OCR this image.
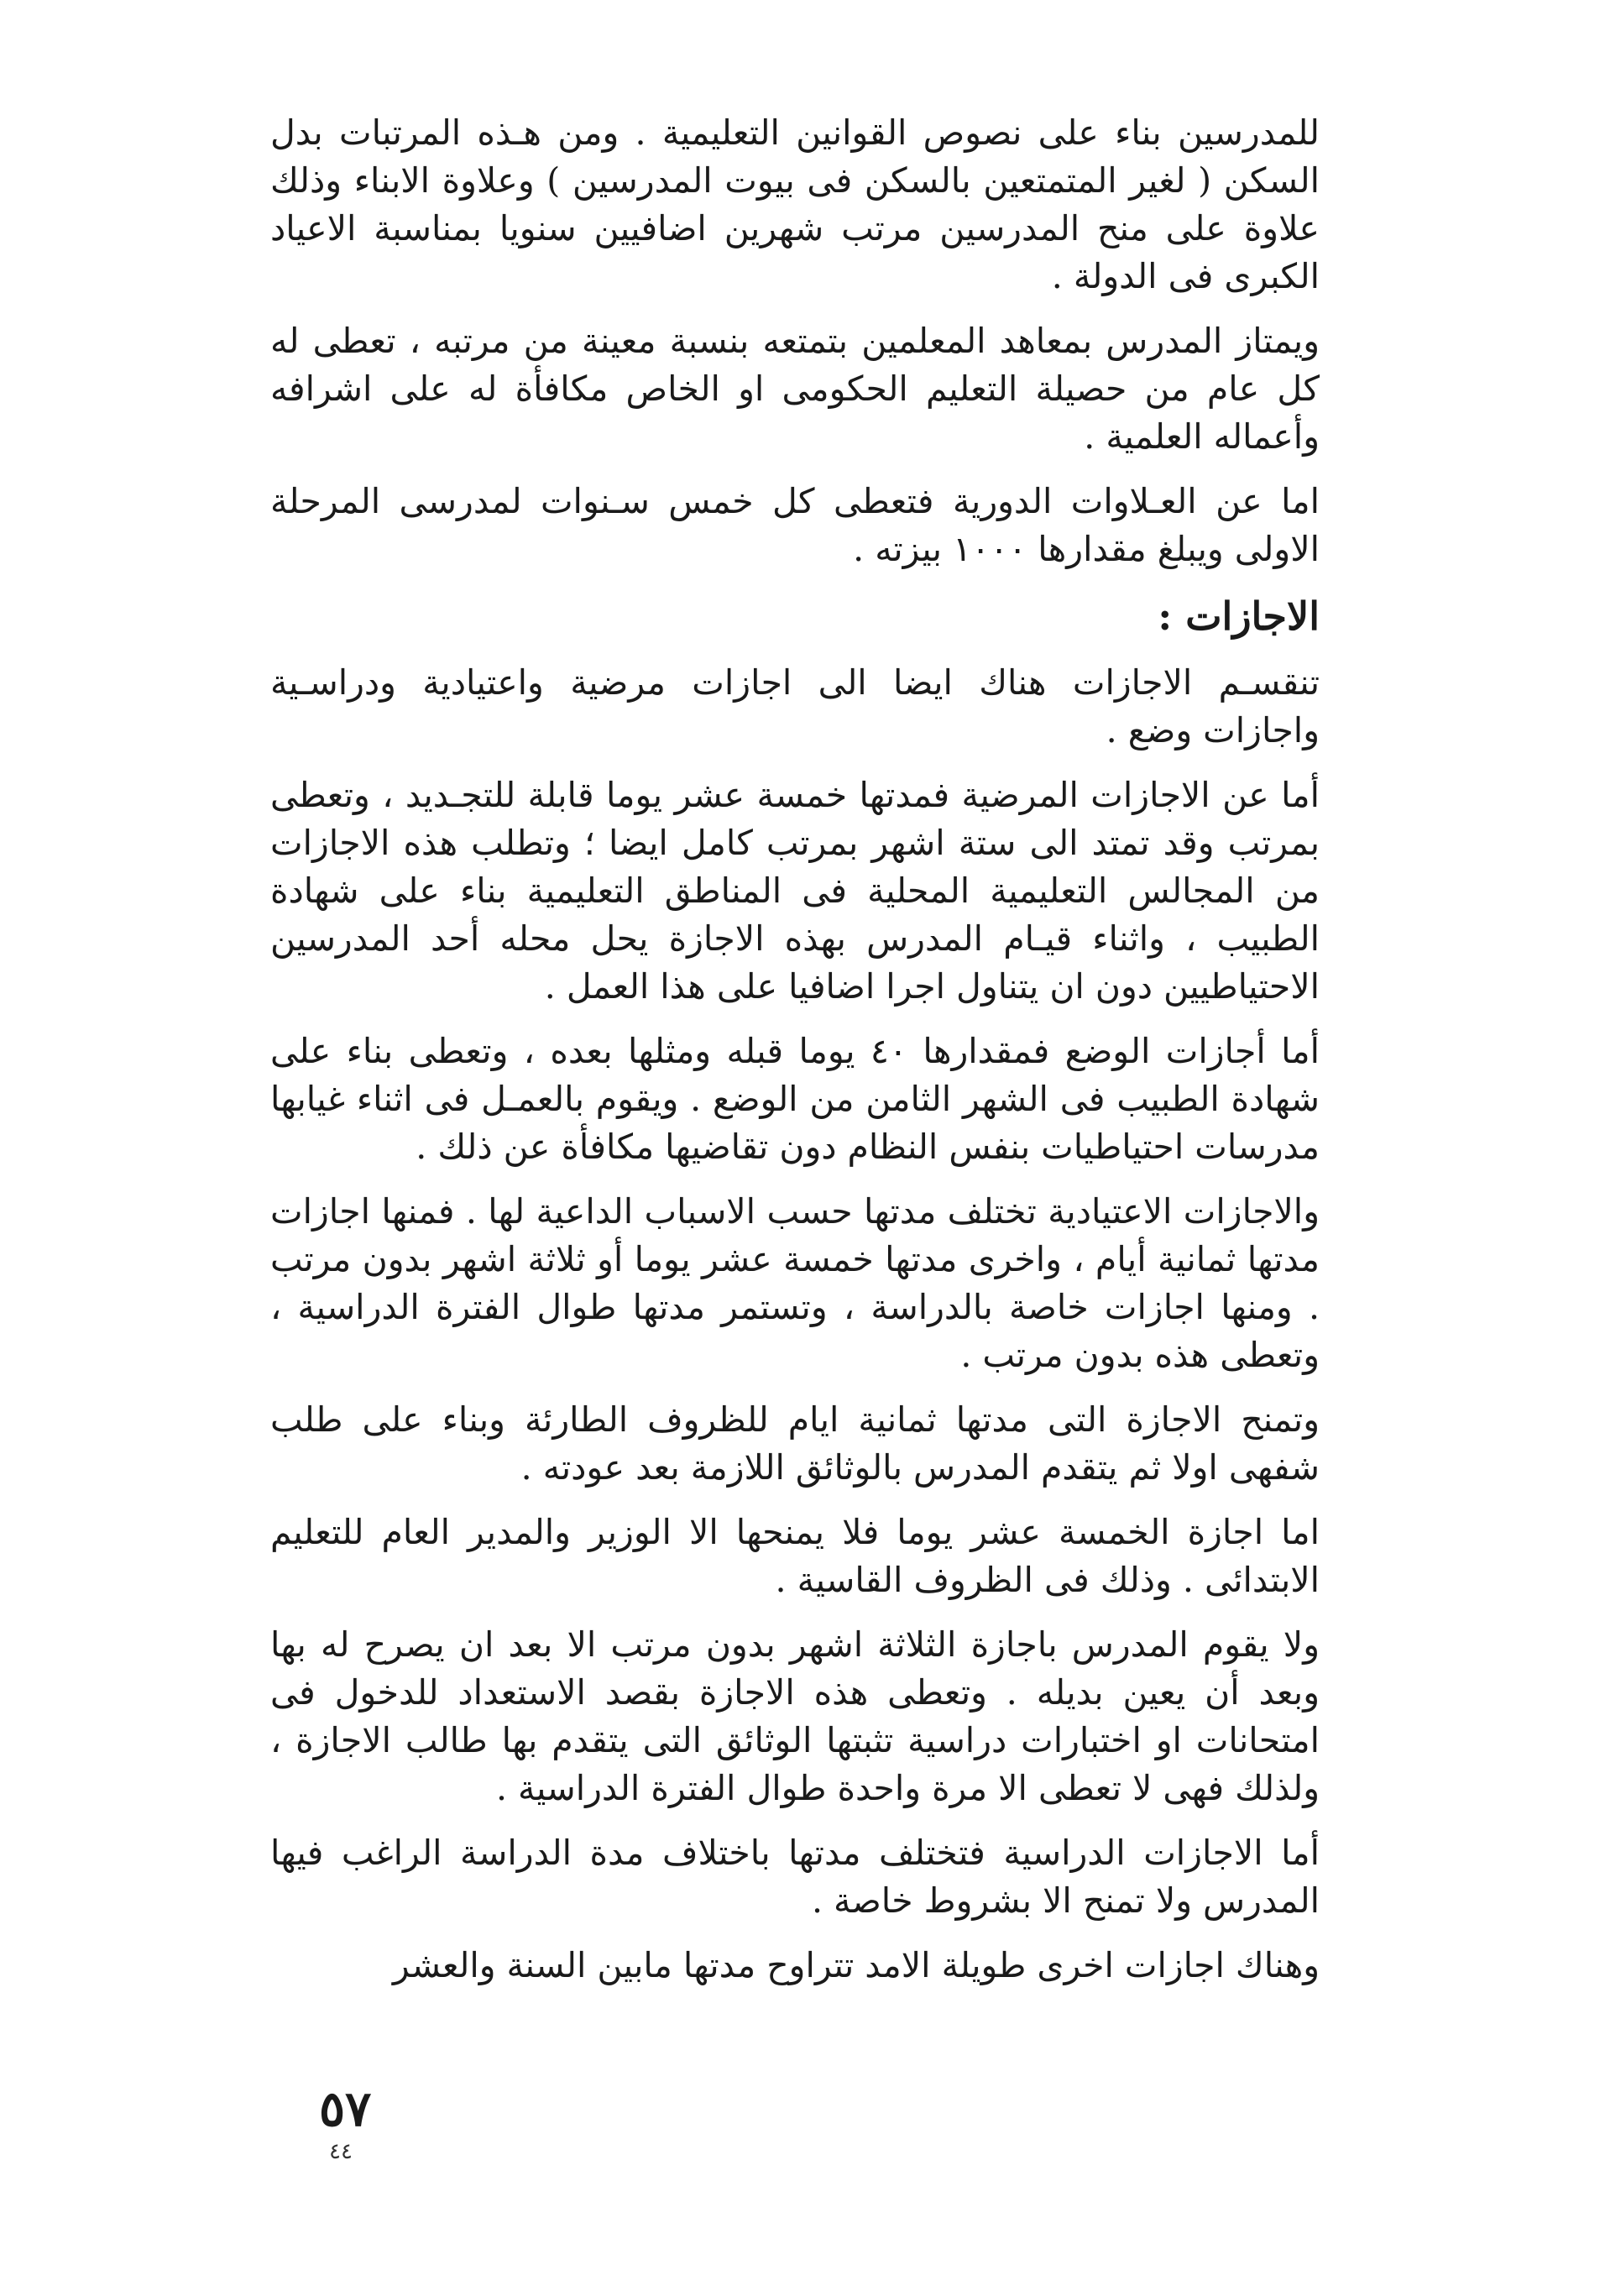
للمدرسين بناء على نصوص القوانين التعليمية . ومن هـذه المرتبات بدل السكن ( لغير المتمتعين بالسكن فى بيوت المدرسين ) وعلاوة الابناء وذلك علاوة على منح المدرسين مرتب شهرين اضافيين سنويا بمناسبة الاعياد الكبرى فى الدولة .

ويمتاز المدرس بمعاهد المعلمين بتمتعه بنسبة معينة من مرتبه ، تعطى له كل عام من حصيلة التعليم الحكومى او الخاص مكافأة له على اشرافه وأعماله العلمية .

اما عن العـلاوات الدورية فتعطى كل خمس سـنوات لمدرسى المرحلة الاولى ويبلغ مقدارها ١٠٠٠ بيزته .

الاجازات :

تنقسـم الاجازات هناك ايضا الى اجازات مرضية واعتيادية ودراسـية واجازات وضع .

أما عن الاجازات المرضية فمدتها خمسة عشر يوما قابلة للتجـديد ، وتعطى بمرتب وقد تمتد الى ستة اشهر بمرتب كامل ايضا ؛ وتطلب هذه الاجازات من المجالس التعليمية المحلية فى المناطق التعليمية بناء على شهادة الطبيب ، واثناء قيـام المدرس بهذه الاجازة يحل محله أحد المدرسين الاحتياطيين دون ان يتناول اجرا اضافيا على هذا العمل .

أما أجازات الوضع فمقدارها ٤٠ يوما قبله ومثلها بعده ، وتعطى بناء على شهادة الطبيب فى الشهر الثامن من الوضع . ويقوم بالعمـل فى اثناء غيابها مدرسات احتياطيات بنفس النظام دون تقاضيها مكافأة عن ذلك .

والاجازات الاعتيادية تختلف مدتها حسب الاسباب الداعية لها . فمنها اجازات مدتها ثمانية أيام ، واخرى مدتها خمسة عشر يوما أو ثلاثة اشهر بدون مرتب . ومنها اجازات خاصة بالدراسة ، وتستمر مدتها طوال الفترة الدراسية ، وتعطى هذه بدون مرتب .

وتمنح الاجازة التى مدتها ثمانية ايام للظروف الطارئة وبناء على طلب شفهى اولا ثم يتقدم المدرس بالوثائق اللازمة بعد عودته .

اما اجازة الخمسة عشر يوما فلا يمنحها الا الوزير والمدير العام للتعليم الابتدائى . وذلك فى الظروف القاسية .

ولا يقوم المدرس باجازة الثلاثة اشهر بدون مرتب الا بعد ان يصرح له بها وبعد أن يعين بديله . وتعطى هذه الاجازة بقصد الاستعداد للدخول فى امتحانات او اختبارات دراسية تثبتها الوثائق التى يتقدم بها طالب الاجازة ، ولذلك فهى لا تعطى الا مرة واحدة طوال الفترة الدراسية .

أما الاجازات الدراسية فتختلف مدتها باختلاف مدة الدراسة الراغب فيها المدرس ولا تمنح الا بشروط خاصة .

وهناك اجازات اخرى طويلة الامد تتراوح مدتها مابين السنة والعشر

٥٧
٤٤
